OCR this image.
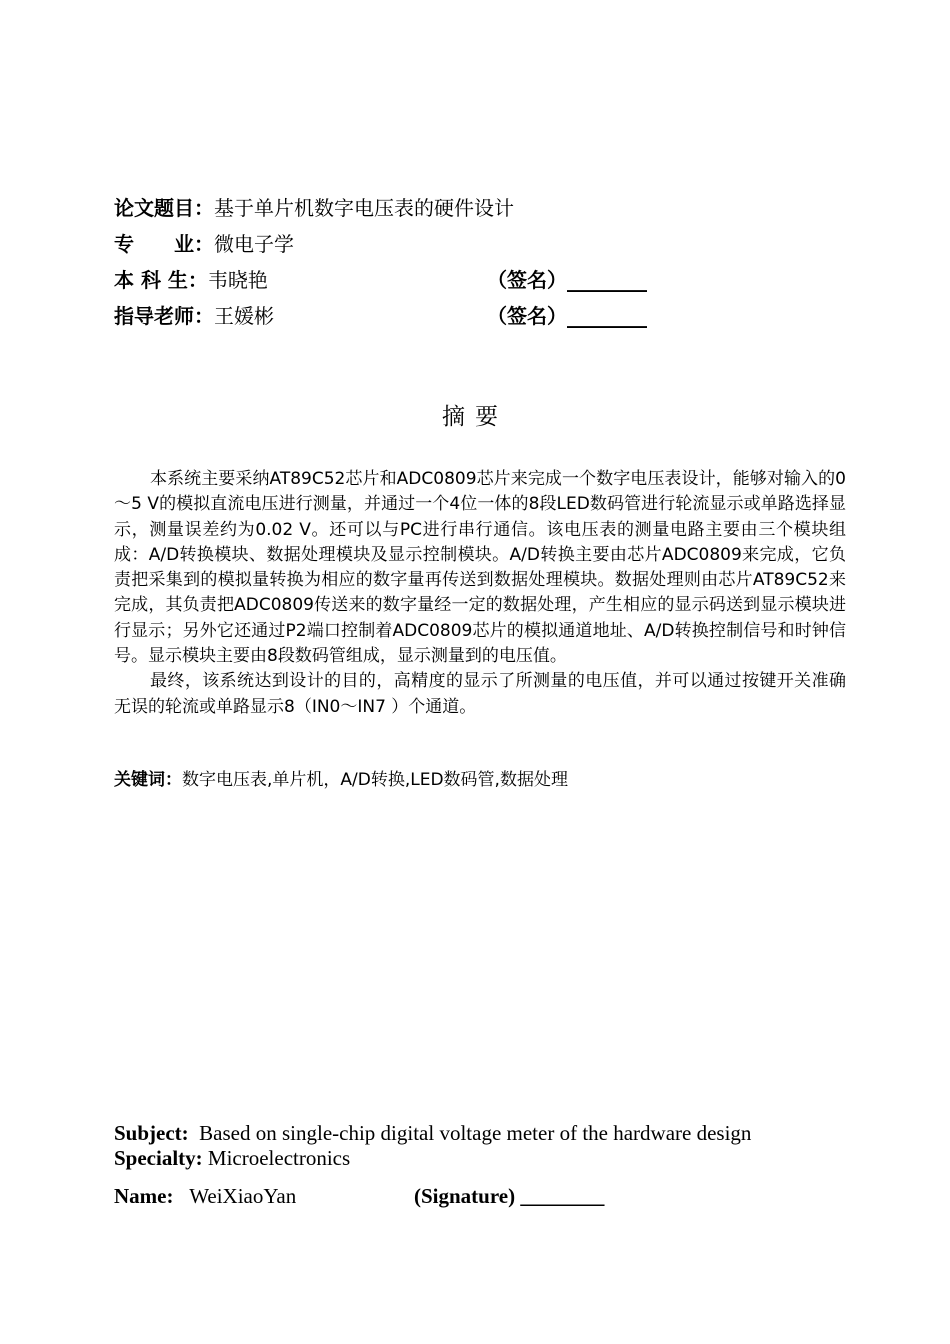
论文题目：基于单片机数字电压表的硬件设计
专　　业：微电子学
本 科 生：韦晓艳	（签名）________
指导老师：王媛彬	（签名）________
摘要

本系统主要采纳AT89C52芯片和ADC0809芯片来完成一个数字电压表设计，能够对输入的0～5 V的模拟直流电压进行测量，并通过一个4位一体的8段LED数码管进行轮流显示或单路选择显示，测量误差约为0.02 V。还可以与PC进行串行通信。该电压表的测量电路主要由三个模块组成：A/D转换模块、数据处理模块及显示控制模块。A/D转换主要由芯片ADC0809来完成，它负责把采集到的模拟量转换为相应的数字量再传送到数据处理模块。数据处理则由芯片AT89C52来完成，其负责把ADC0809传送来的数字量经一定的数据处理，产生相应的显示码送到显示模块进行显示；另外它还通过P2端口控制着ADC0809芯片的模拟通道地址、A/D转换控制信号和时钟信号。显示模块主要由8段数码管组成，显示测量到的电压值。

最终，该系统达到设计的目的，高精度的显示了所测量的电压值，并可以通过按键开关准确无误的轮流或单路显示8（IN0～IN7 ）个通道。

关键词：数字电压表,单片机，A/D转换,LED数码管,数据处理
Subject: Based on single-chip digital voltage meter of the hardware design
Specialty: Microelectronics
Name: WeiXiaoYan	(Signature) ________
